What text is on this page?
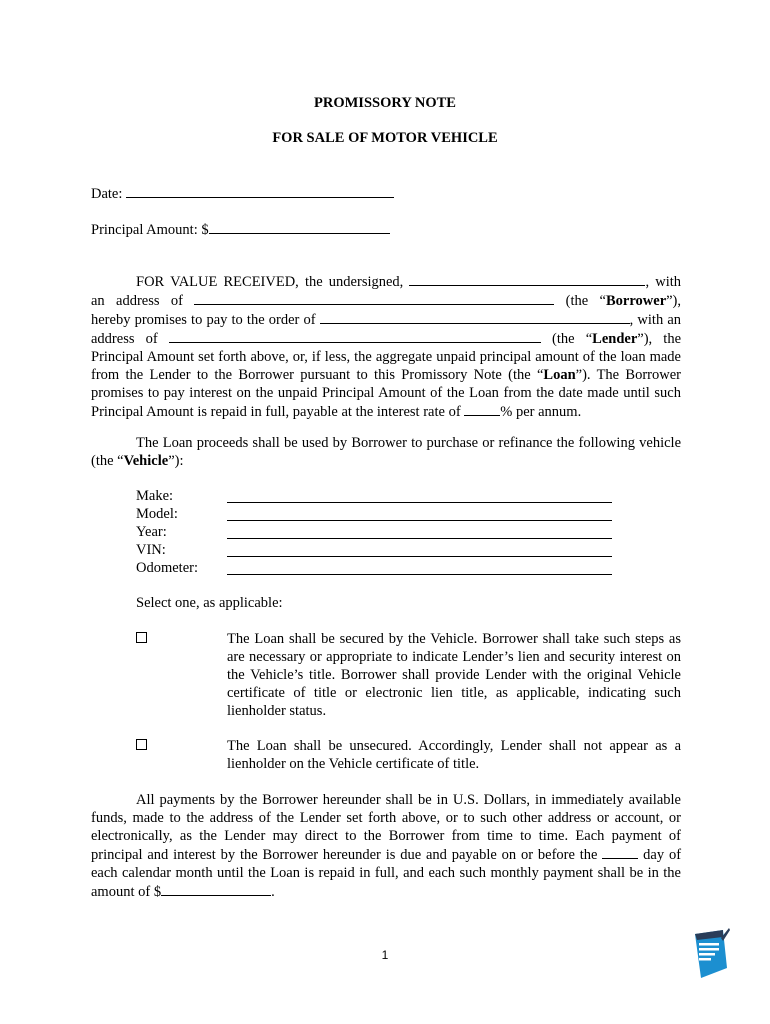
PROMISSORY NOTE
FOR SALE OF MOTOR VEHICLE
Date:
Principal Amount: $
FOR VALUE RECEIVED, the undersigned,	, with an address of	(the “Borrower”), hereby promises to pay to the order of	, with an address of	(the “Lender”), the Principal Amount set forth above, or, if less, the aggregate unpaid principal amount of the loan made from the Lender to the Borrower pursuant to this Promissory Note (the “Loan”). The Borrower promises to pay interest on the unpaid Principal Amount of the Loan from the date made until such Principal Amount is repaid in full, payable at the interest rate of	% per annum.
The Loan proceeds shall be used by Borrower to purchase or refinance the following vehicle (the “Vehicle”):
Make:
Model:
Year:
VIN:
Odometer:
Select one, as applicable:
The Loan shall be secured by the Vehicle. Borrower shall take such steps as are necessary or appropriate to indicate Lender’s lien and security interest on the Vehicle’s title. Borrower shall provide Lender with the original Vehicle certificate of title or electronic lien title, as applicable, indicating such lienholder status.
The Loan shall be unsecured. Accordingly, Lender shall not appear as a lienholder on the Vehicle certificate of title.
All payments by the Borrower hereunder shall be in U.S. Dollars, in immediately available funds, made to the address of the Lender set forth above, or to such other address or account, or electronically, as the Lender may direct to the Borrower from time to time. Each payment of principal and interest by the Borrower hereunder is due and payable on or before the	day of each calendar month until the Loan is repaid in full, and each such monthly payment shall be in the amount of $	.
1
